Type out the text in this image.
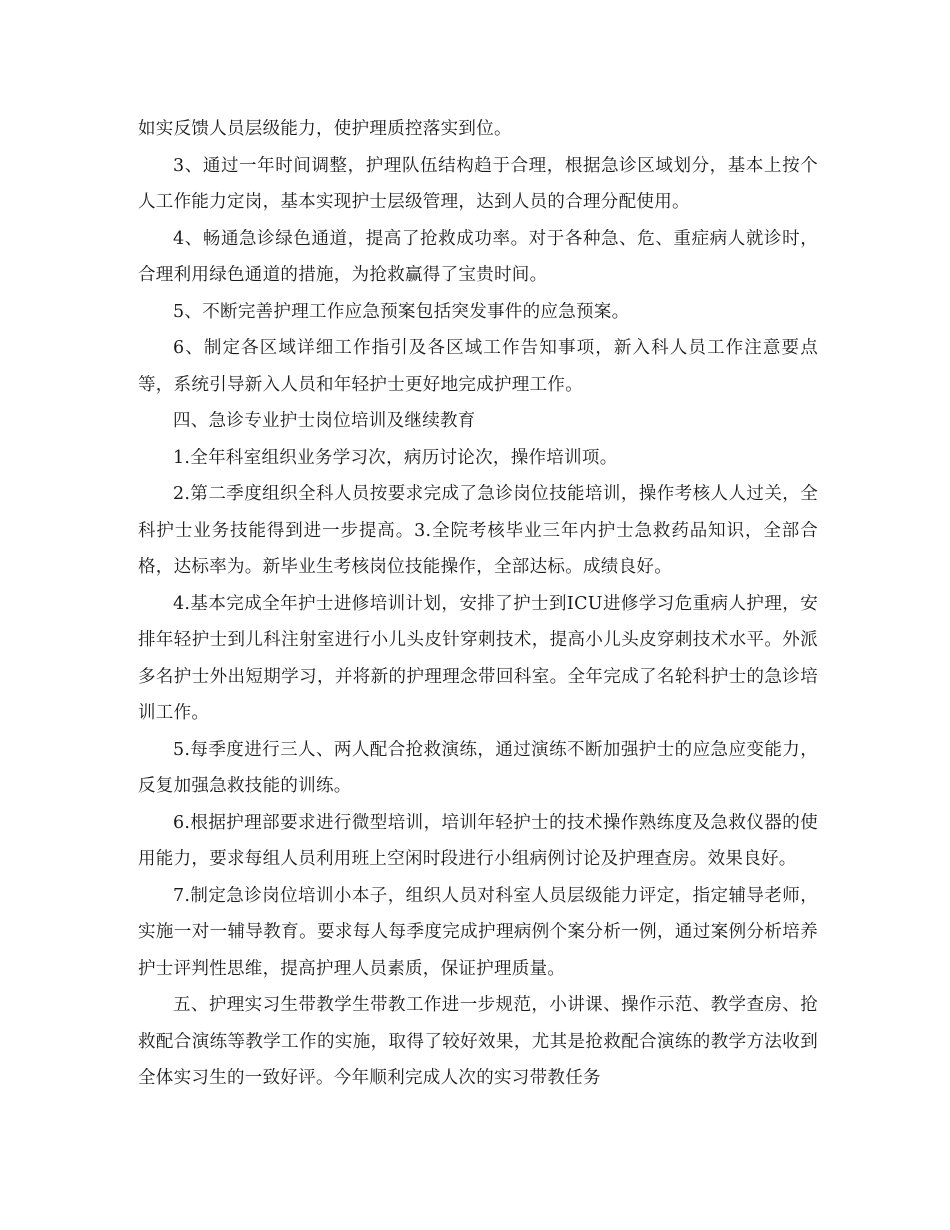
如实反馈人员层级能力，使护理质控落实到位。

3、通过一年时间调整，护理队伍结构趋于合理，根据急诊区域划分，基本上按个人工作能力定岗，基本实现护士层级管理，达到人员的合理分配使用。

4、畅通急诊绿色通道，提高了抢救成功率。对于各种急、危、重症病人就诊时，合理利用绿色通道的措施，为抢救赢得了宝贵时间。

5、不断完善护理工作应急预案包括突发事件的应急预案。

6、制定各区域详细工作指引及各区域工作告知事项，新入科人员工作注意要点等，系统引导新入人员和年轻护士更好地完成护理工作。

四、急诊专业护士岗位培训及继续教育

1.全年科室组织业务学习次，病历讨论次，操作培训项。

2.第二季度组织全科人员按要求完成了急诊岗位技能培训，操作考核人人过关，全科护士业务技能得到进一步提高。3.全院考核毕业三年内护士急救药品知识，全部合格，达标率为。新毕业生考核岗位技能操作，全部达标。成绩良好。

4.基本完成全年护士进修培训计划，安排了护士到ICU进修学习危重病人护理，安排年轻护士到儿科注射室进行小儿头皮针穿刺技术，提高小儿头皮穿刺技术水平。外派多名护士外出短期学习，并将新的护理理念带回科室。全年完成了名轮科护士的急诊培训工作。

5.每季度进行三人、两人配合抢救演练，通过演练不断加强护士的应急应变能力，反复加强急救技能的训练。

6.根据护理部要求进行微型培训，培训年轻护士的技术操作熟练度及急救仪器的使用能力，要求每组人员利用班上空闲时段进行小组病例讨论及护理查房。效果良好。

7.制定急诊岗位培训小本子，组织人员对科室人员层级能力评定，指定辅导老师，实施一对一辅导教育。要求每人每季度完成护理病例个案分析一例，通过案例分析培养护士评判性思维，提高护理人员素质，保证护理质量。

五、护理实习生带教学生带教工作进一步规范，小讲课、操作示范、教学查房、抢救配合演练等教学工作的实施，取得了较好效果，尤其是抢救配合演练的教学方法收到全体实习生的一致好评。今年顺利完成人次的实习带教任务
